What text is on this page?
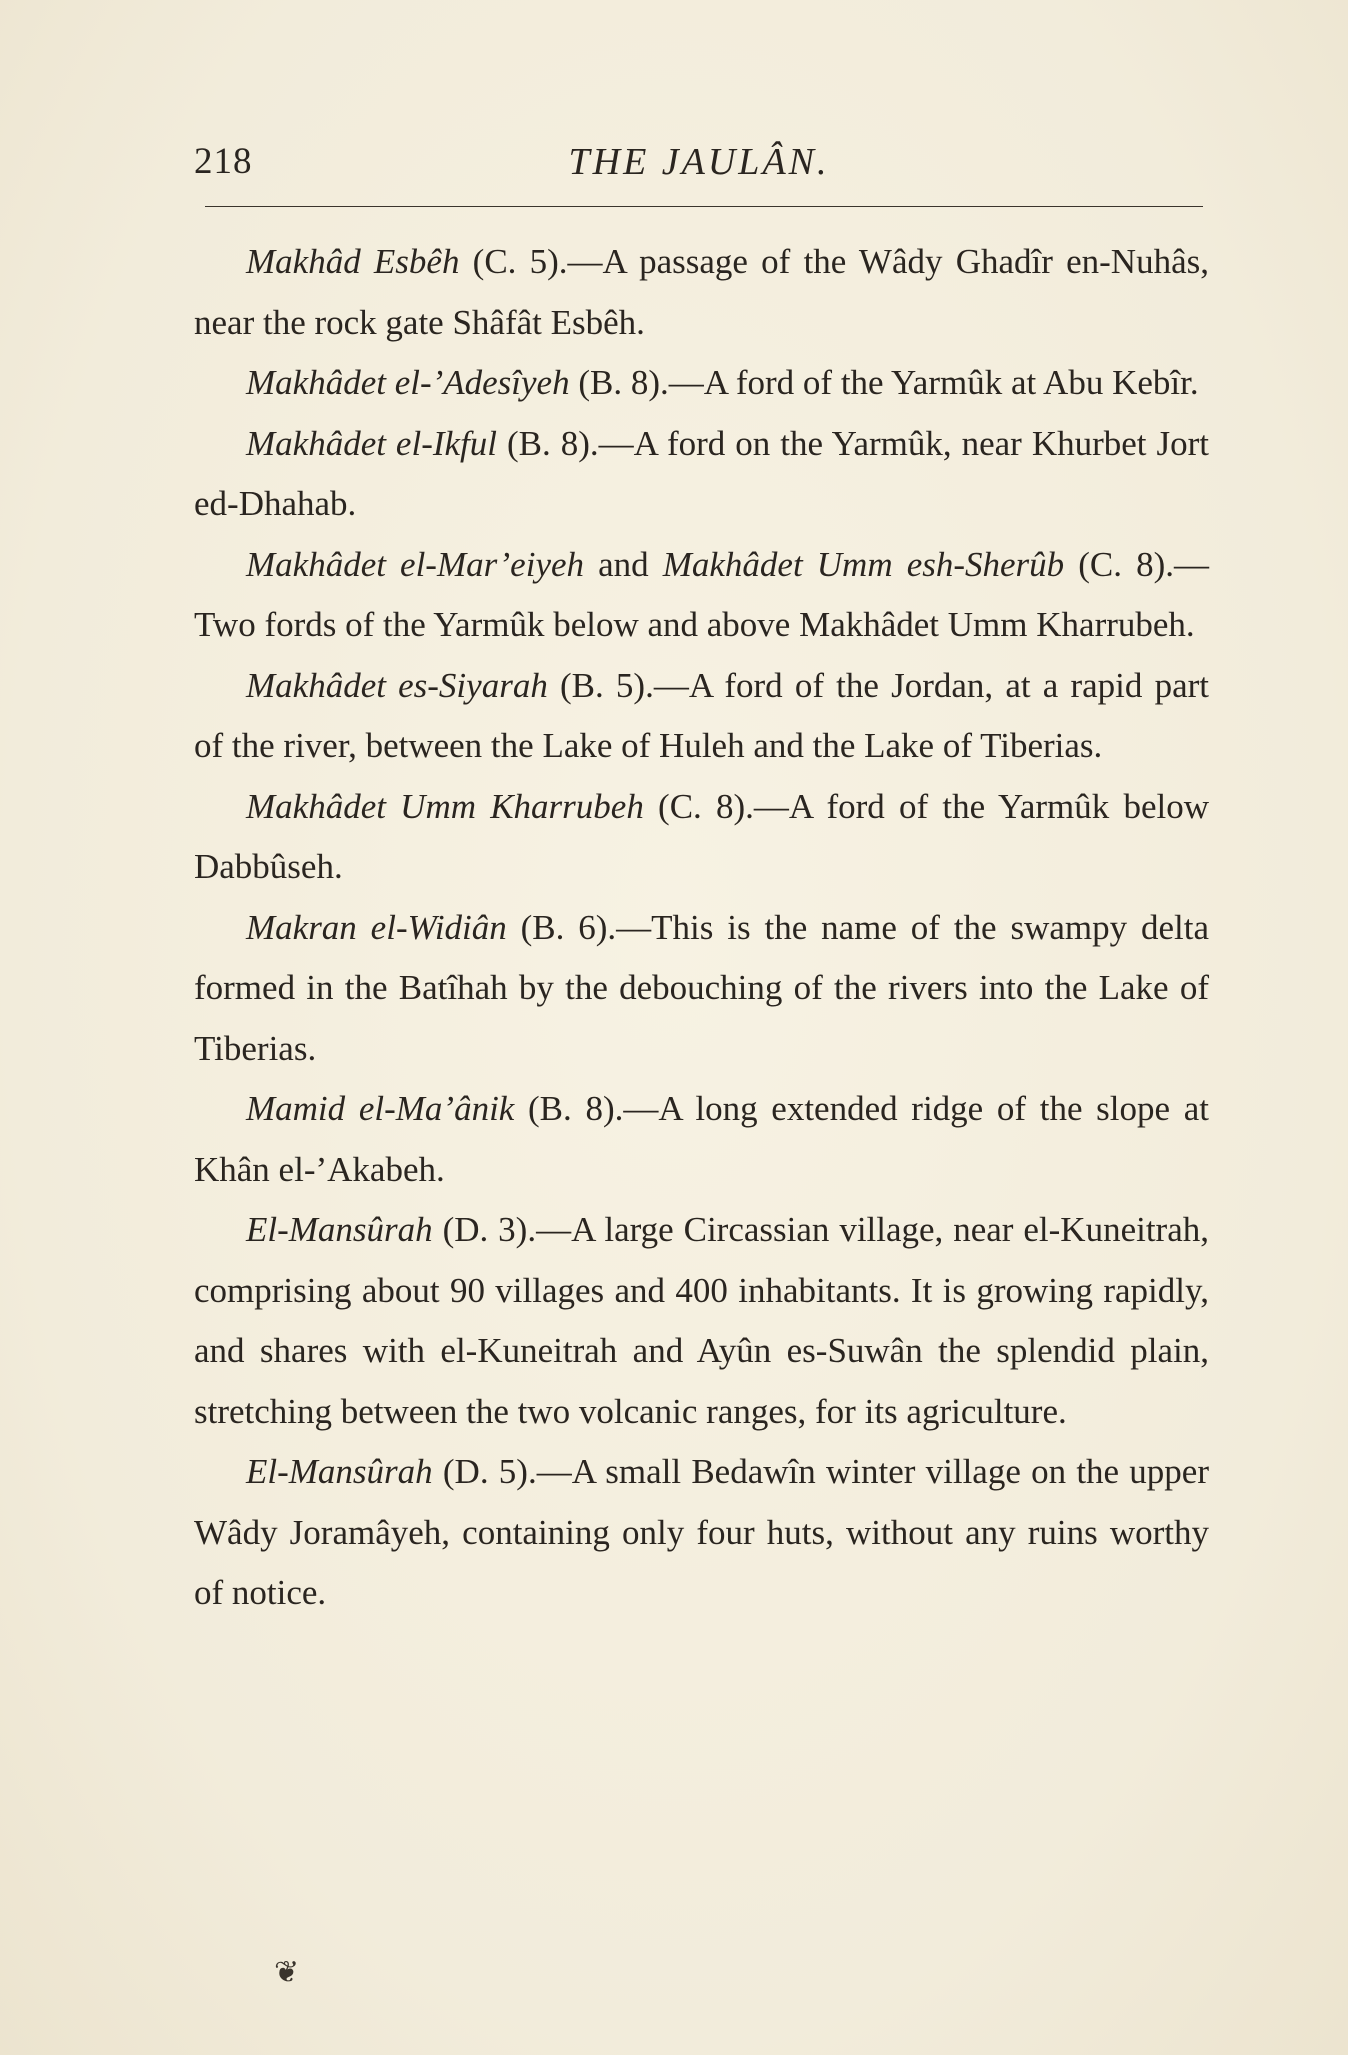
218	THE JAULÂN.

Makhâd Esbêh (C. 5).—A passage of the Wâdy Ghadîr en-Nuhâs, near the rock gate Shâfât Esbêh.

Makhâdet el-’Adesîyeh (B. 8).—A ford of the Yarmûk at Abu Kebîr.

Makhâdet el-Ikful (B. 8).—A ford on the Yarmûk, near Khurbet Jort ed-Dhahab.

Makhâdet el-Mar’eiyeh and Makhâdet Umm esh-Sherûb (C. 8).—Two fords of the Yarmûk below and above Makhâdet Umm Kharrubeh.

Makhâdet es-Siyarah (B. 5).—A ford of the Jordan, at a rapid part of the river, between the Lake of Huleh and the Lake of Tiberias.

Makhâdet Umm Kharrubeh (C. 8).—A ford of the Yarmûk below Dabbûseh.

Makran el-Widiân (B. 6).—This is the name of the swampy delta formed in the Batîhah by the debouching of the rivers into the Lake of Tiberias.

Mamid el-Ma’ânik (B. 8).—A long extended ridge of the slope at Khân el-’Akabeh.

El-Mansûrah (D. 3).—A large Circassian village, near el-Kuneitrah, comprising about 90 villages and 400 inhabitants. It is growing rapidly, and shares with el-Kuneitrah and Ayûn es-Suwân the splendid plain, stretching between the two volcanic ranges, for its agriculture.

El-Mansûrah (D. 5).—A small Bedawîn winter village on the upper Wâdy Joramâyeh, containing only four huts, without any ruins worthy of notice.

❦
